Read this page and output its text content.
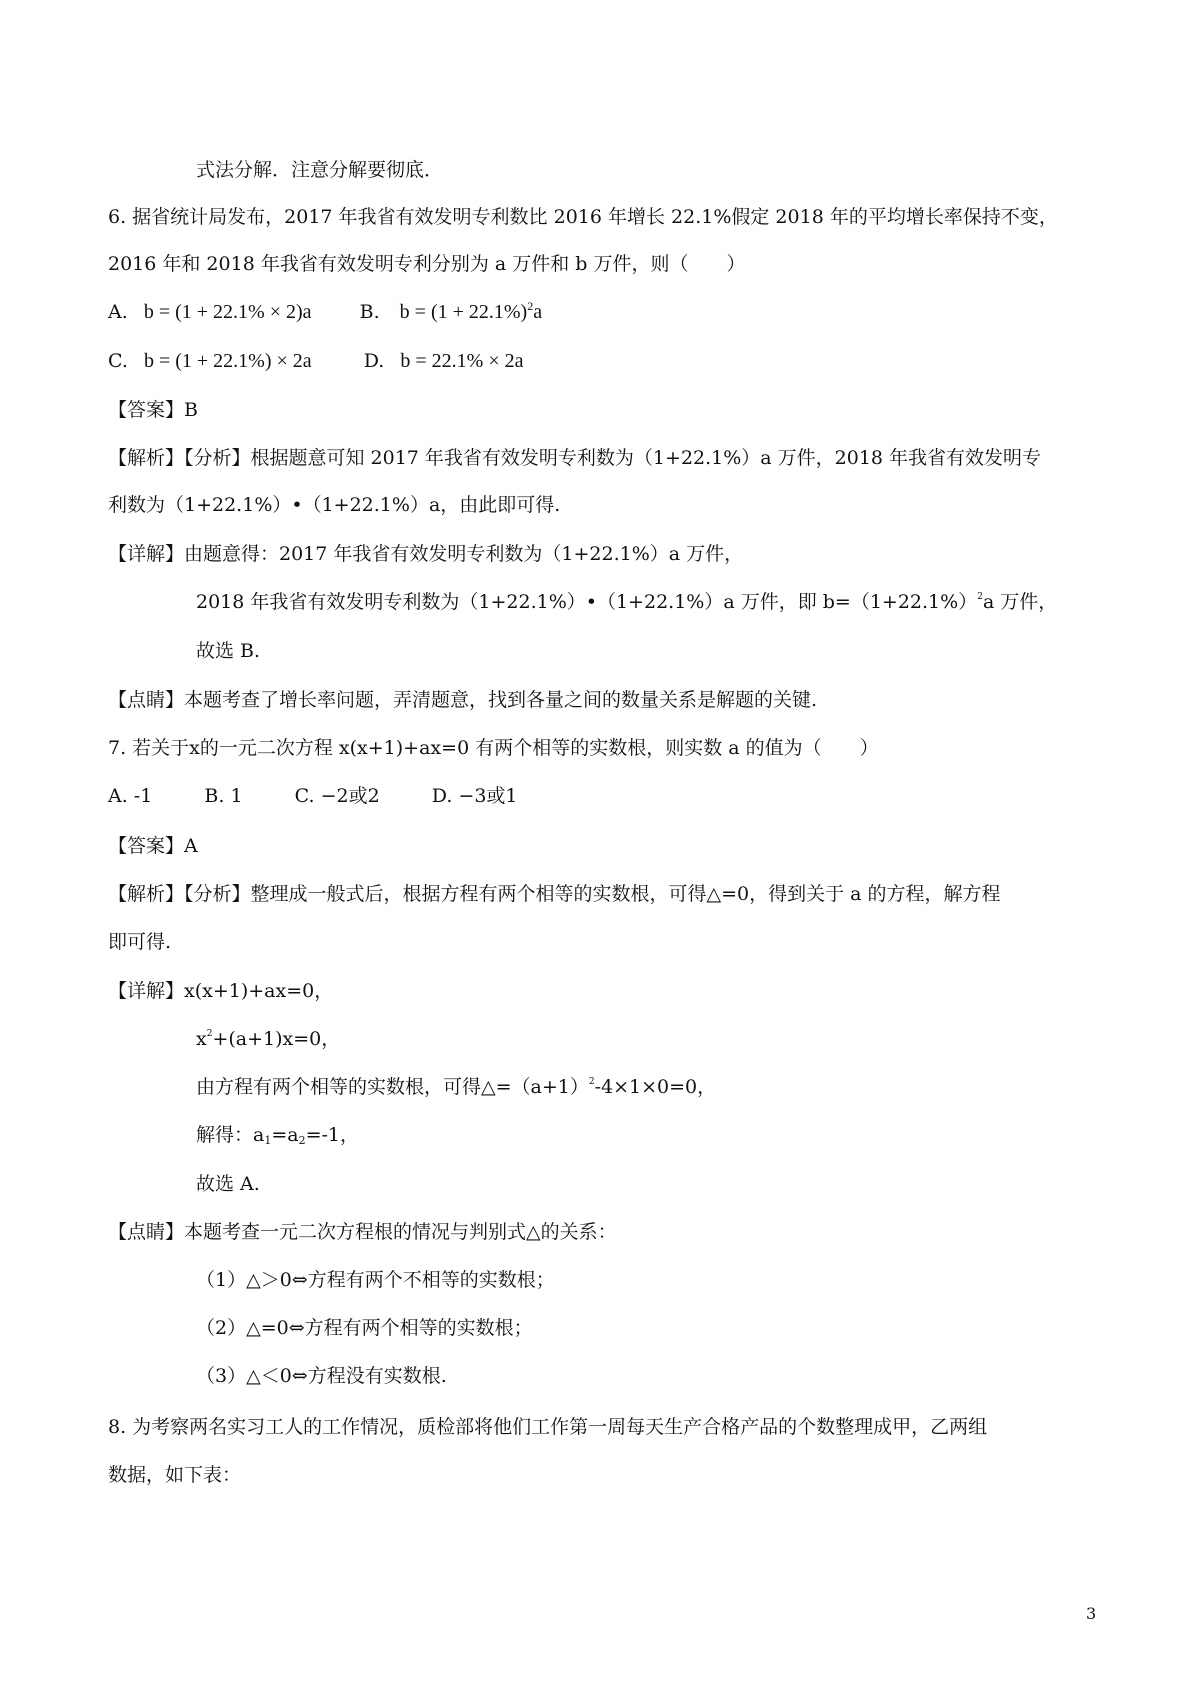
式法分解．注意分解要彻底．
6. 据省统计局发布，2017 年我省有效发明专利数比 2016 年增长 22.1%假定 2018 年的平均增长率保持不变，
2016 年和 2018 年我省有效发明专利分别为 a 万件和 b 万件，则（　　）
A. b = (1 + 22.1% × 2)a	B. $b = (1 + 22.1\%)^2a$
C. b = (1 + 22.1%) × 2a	D. b = 22.1% × 2a
【答案】B
【解析】【分析】根据题意可知 2017 年我省有效发明专利数为（1+22.1%）a 万件，2018 年我省有效发明专
利数为（1+22.1%）•（1+22.1%）a，由此即可得.
【详解】由题意得：2017 年我省有效发明专利数为（1+22.1%）a 万件，
2018 年我省有效发明专利数为（1+22.1%）•（1+22.1%）a 万件，即 $b=(1+22.1\%)^2a$ 万件，
故选 B.
【点睛】本题考查了增长率问题，弄清题意，找到各量之间的数量关系是解题的关键.
7. 若关于x的一元二次方程 x(x+1)+ax=0 有两个相等的实数根，则实数 a 的值为（　　）
A. -1	B. 1	C. −2或2	D. −3或1
【答案】A
【解析】【分析】整理成一般式后，根据方程有两个相等的实数根，可得△=0，得到关于 a 的方程，解方程
即可得.
【详解】x(x+1)+ax=0，
$x^2+(a+1)x=0$，
由方程有两个相等的实数根，可得$\triangle=(a+1)^2-4\times 1\times 0=0$，
解得：$a_1=a_2=-1$，
故选 A.
【点睛】本题考查一元二次方程根的情况与判别式△的关系：
（1）△＞0⇔方程有两个不相等的实数根；
（2）△=0⇔方程有两个相等的实数根；
（3）△＜0⇔方程没有实数根.
8. 为考察两名实习工人的工作情况，质检部将他们工作第一周每天生产合格产品的个数整理成甲，乙两组
数据，如下表：
3
